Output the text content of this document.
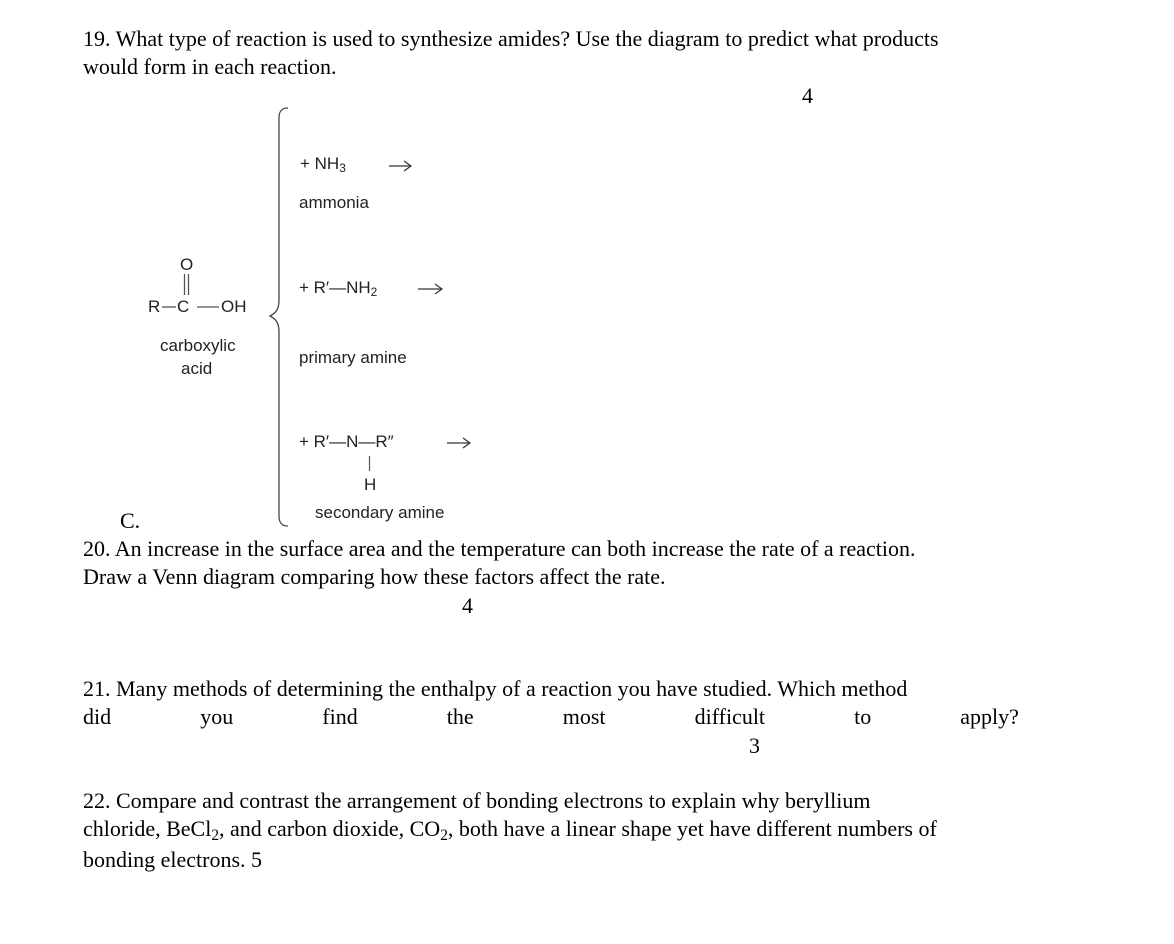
19. What type of reaction is used to synthesize amides? Use the diagram to predict what products
would form in each reaction.
4
O
R C OH
carboxylic
acid
+ $NH_3$
ammonia
+ $R'—NH_2$
primary amine
+ R′—N—R″
H
secondary amine
C.
20. An increase in the surface area and the temperature can both increase the rate of a reaction.
Draw a Venn diagram comparing how these factors affect the rate.
4
21. Many methods of determining the enthalpy of a reaction you have studied. Which method
did	you	find	the	most	difficult	to	apply?
3
22. Compare and contrast the arrangement of bonding electrons to explain why beryllium
chloride, BeCl$_2$, and carbon dioxide, $CO_2$, both have a linear shape yet have different numbers of
bonding electrons. 5
